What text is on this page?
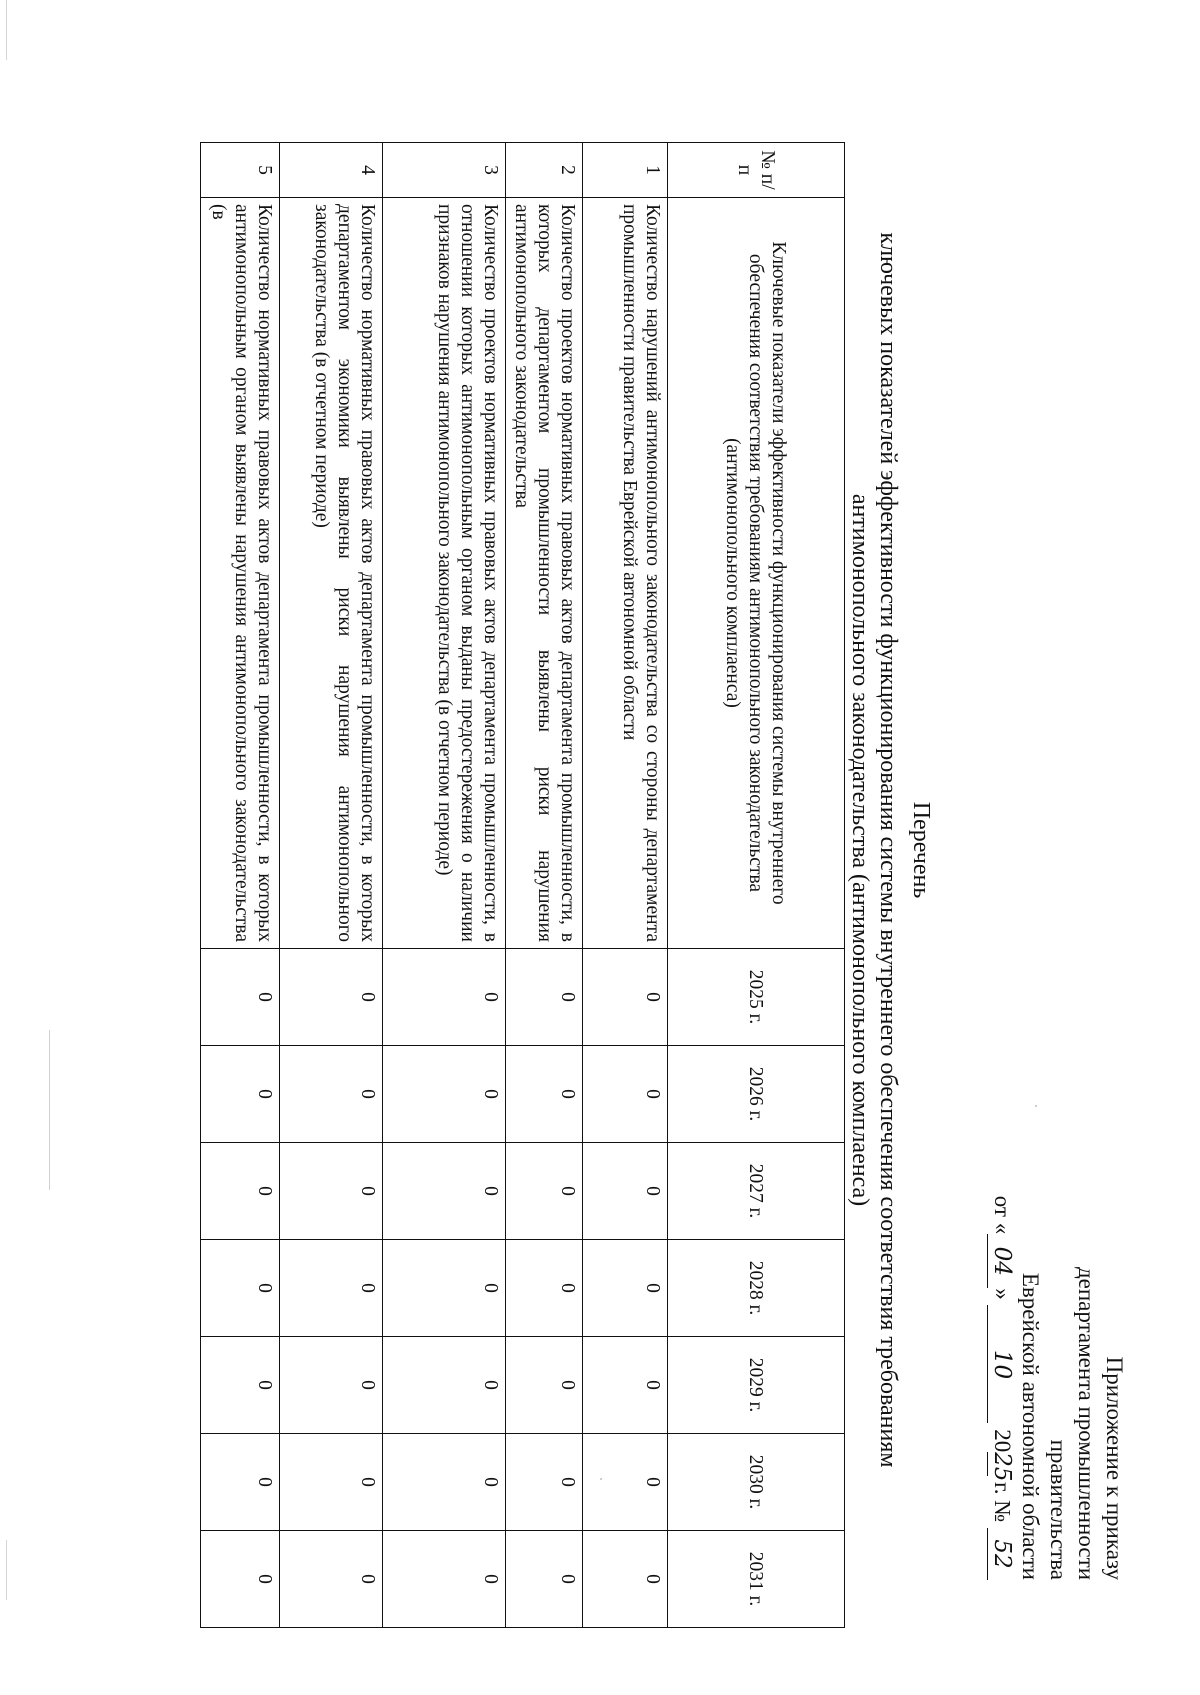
Приложение к приказу
департамента промышленности
правительства
Еврейской автономной области
от «04» 10 2025 г. № 52
Перечень
ключевых показателей эффективности функционирования системы внутреннего обеспечения соответствия требованиям антимонопольного законодательства (антимонопольного комплаенса)
№ п/п	Ключевые показатели эффективности функционирования системы внутреннего обеспечения соответствия требованиям антимонопольного законодательства (антимонопольного комплаенса)	2025 г.	2026 г.	2027 г.	2028 г.	2029 г.	2030 г.	2031 г.
1	Количество нарушений антимонопольного законодательства со стороны департамента промышленности правительства Еврейской автономной области	0	0	0	0	0	0	0
2	Количество проектов нормативных правовых актов департамента промышленности, в которых департаментом промышленности выявлены риски нарушения антимонопольного законодательства	0	0	0	0	0	0	0
3	Количество проектов нормативных правовых актов департамента промышленности, в отношении которых антимонопольным органом выданы предостережения о наличии признаков нарушения антимонопольного законодательства (в отчетном периоде)	0	0	0	0	0	0	0
4	Количество нормативных правовых актов департамента промышленности, в которых департаментом экономики выявлены риски нарушения антимонопольного законодательства (в отчетном периоде)	0	0	0	0	0	0	0
5	Количество нормативных правовых актов департамента промышленности, в которых антимонопольным органом выявлены нарушения антимонопольного законодательства (в	0	0	0	0	0	0	0
